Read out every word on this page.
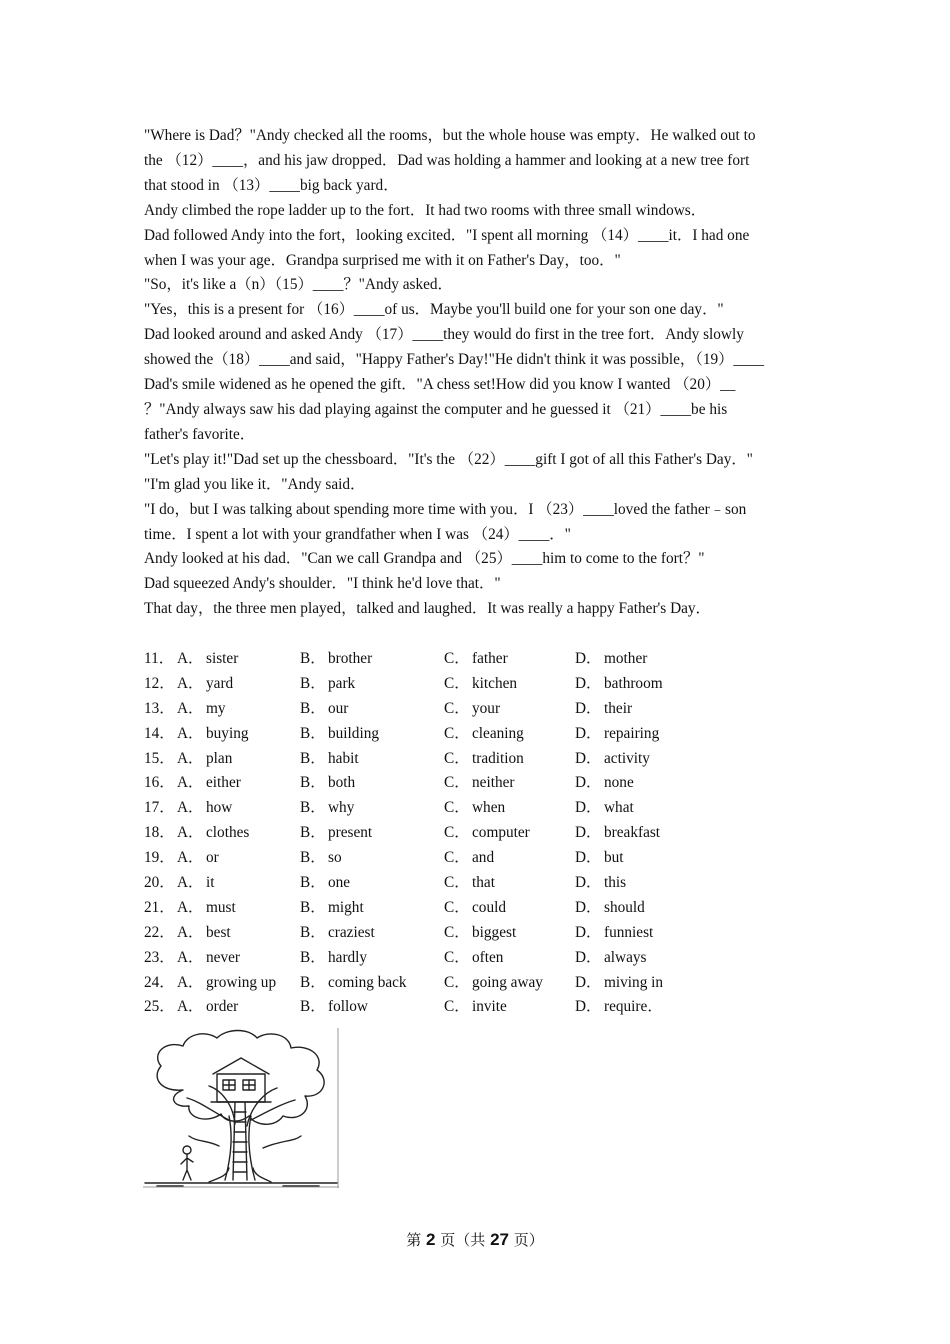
"Where is Dad？"Andy checked all the rooms，but the whole house was empty．He walked out to

the （12）____，and his jaw dropped．Dad was holding a hammer and looking at a new tree fort

that stood in （13）____big back yard．

Andy climbed the rope ladder up to the fort．It had two rooms with three small windows．

Dad followed Andy into the fort，looking excited．"I spent all morning （14）____it．I had one

when I was your age．Grandpa surprised me with it on Father's Day，too．"

"So，it's like a（n）（15）____？"Andy asked．

"Yes，this is a present for （16）____of us．Maybe you'll build one for your son one day．"

Dad looked around and asked Andy （17）____they would do first in the tree fort．Andy slowly

showed the（18）____and said，"Happy Father's Day!"He didn't think it was possible，（19）____

Dad's smile widened as he opened the gift．"A chess set!How did you know I wanted （20）__

？"Andy always saw his dad playing against the computer and he guessed it （21）____be his

father's favorite．

"Let's play it!"Dad set up the chessboard．"It's the （22）____gift I got of all this Father's Day．"

"I'm glad you like it．"Andy said．

"I do，but I was talking about spending more time with you．I （23）____loved the father﹣son

time．I spent a lot with your grandfather when I was （24）____．"

Andy looked at his dad．"Can we call Grandpa and （25）____him to come to the fort？"

Dad squeezed Andy's shoulder．"I think he'd love that．"

That day，the three men played，talked and laughed．It was really a happy Father's Day．

11． A． sister	B． brother	C． father	D． mother
12． A． yard	B． park	C． kitchen	D． bathroom
13． A． my	B． our	C． your	D． their
14． A． buying	B． building	C． cleaning	D． repairing
15． A． plan	B． habit	C． tradition	D． activity
16． A． either	B． both	C． neither	D． none
17． A． how	B． why	C． when	D． what
18． A． clothes	B． present	C． computer	D． breakfast
19． A． or	B． so	C． and	D． but
20． A． it	B． one	C． that	D． this
21． A． must	B． might	C． could	D． should
22． A． best	B． craziest	C． biggest	D． funniest
23． A． never	B． hardly	C． often	D． always
24． A． growing up B． coming back C． going away D． miving in
25． A． order	B． follow	C． invite	D． require．
第 2 页（共 27 页）
